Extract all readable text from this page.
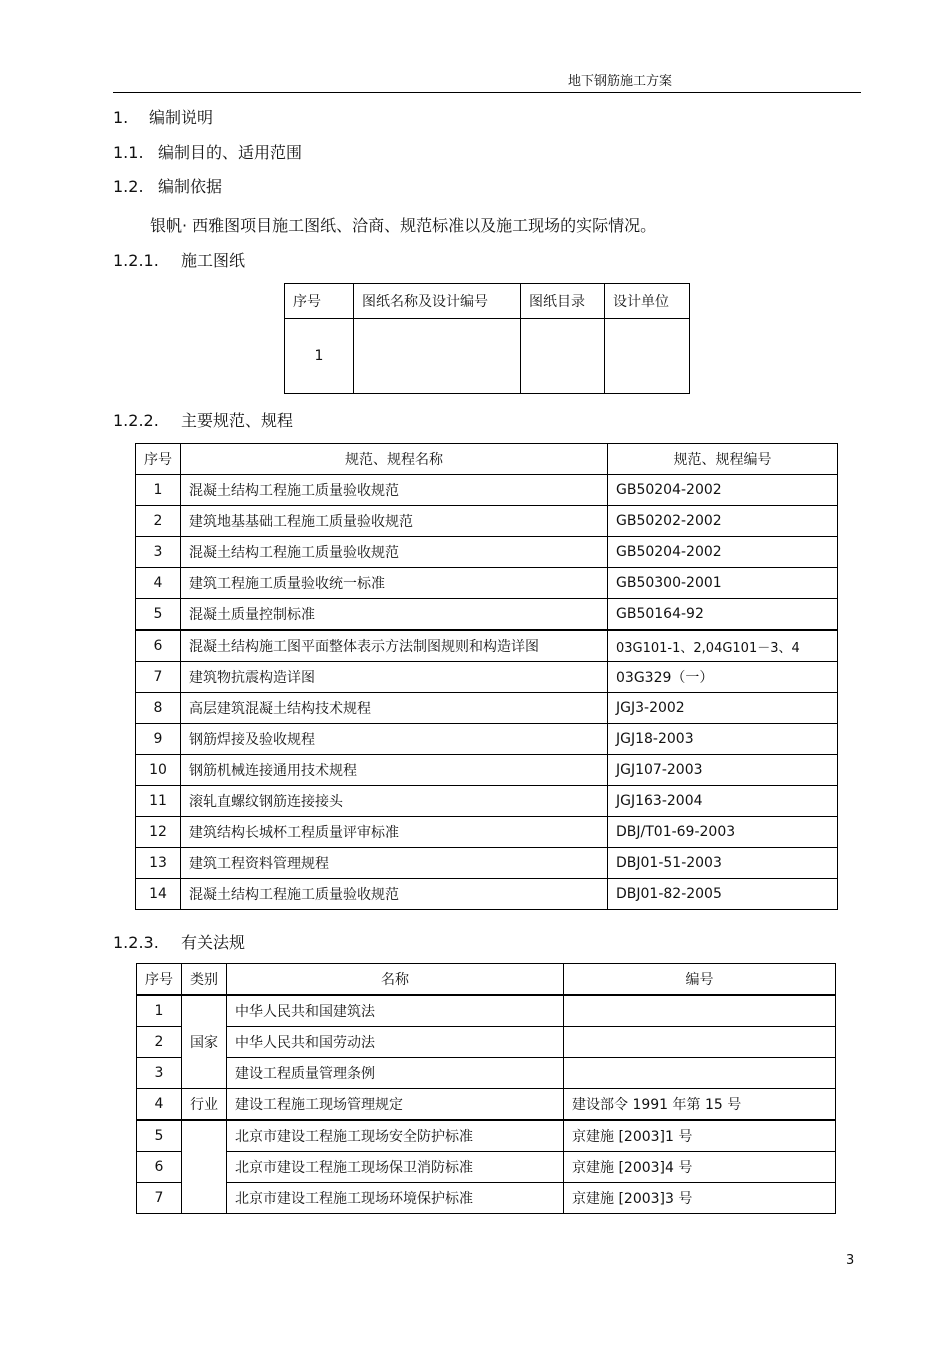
地下钢筋施工方案
1. 编制说明
1.1. 编制目的、适用范围
1.2. 编制依据
银帆· 西雅图项目施工图纸、洽商、规范标准以及施工现场的实际情况。
1.2.1. 施工图纸
序号	图纸名称及设计编号	图纸目录	设计单位
1			
1.2.2. 主要规范、规程
序号	规范、规程名称	规范、规程编号
1	混凝土结构工程施工质量验收规范	GB50204-2002
2	建筑地基基础工程施工质量验收规范	GB50202-2002
3	混凝土结构工程施工质量验收规范	GB50204-2002
4	建筑工程施工质量验收统一标准	GB50300-2001
5	混凝土质量控制标准	GB50164-92
6	混凝土结构施工图平面整体表示方法制图规则和构造详图	03G101-1、2,04G101－3、4
7	建筑物抗震构造详图	03G329（一）
8	高层建筑混凝土结构技术规程	JGJ3-2002
9	钢筋焊接及验收规程	JGJ18-2003
10	钢筋机械连接通用技术规程	JGJ107-2003
11	滚轧直螺纹钢筋连接接头	JGJ163-2004
12	建筑结构长城杯工程质量评审标准	DBJ/T01-69-2003
13	建筑工程资料管理规程	DBJ01-51-2003
14	混凝土结构工程施工质量验收规范	DBJ01-82-2005
1.2.3. 有关法规
序号	类别	名称	编号
1	国家	中华人民共和国建筑法	
2		中华人民共和国劳动法	
3		建设工程质量管理条例	
4	行业	建设工程施工现场管理规定	建设部令 1991 年第 15 号
5		北京市建设工程施工现场安全防护标准	京建施 [2003]1 号
6		北京市建设工程施工现场保卫消防标准	京建施 [2003]4 号
7		北京市建设工程施工现场环境保护标准	京建施 [2003]3 号
3
